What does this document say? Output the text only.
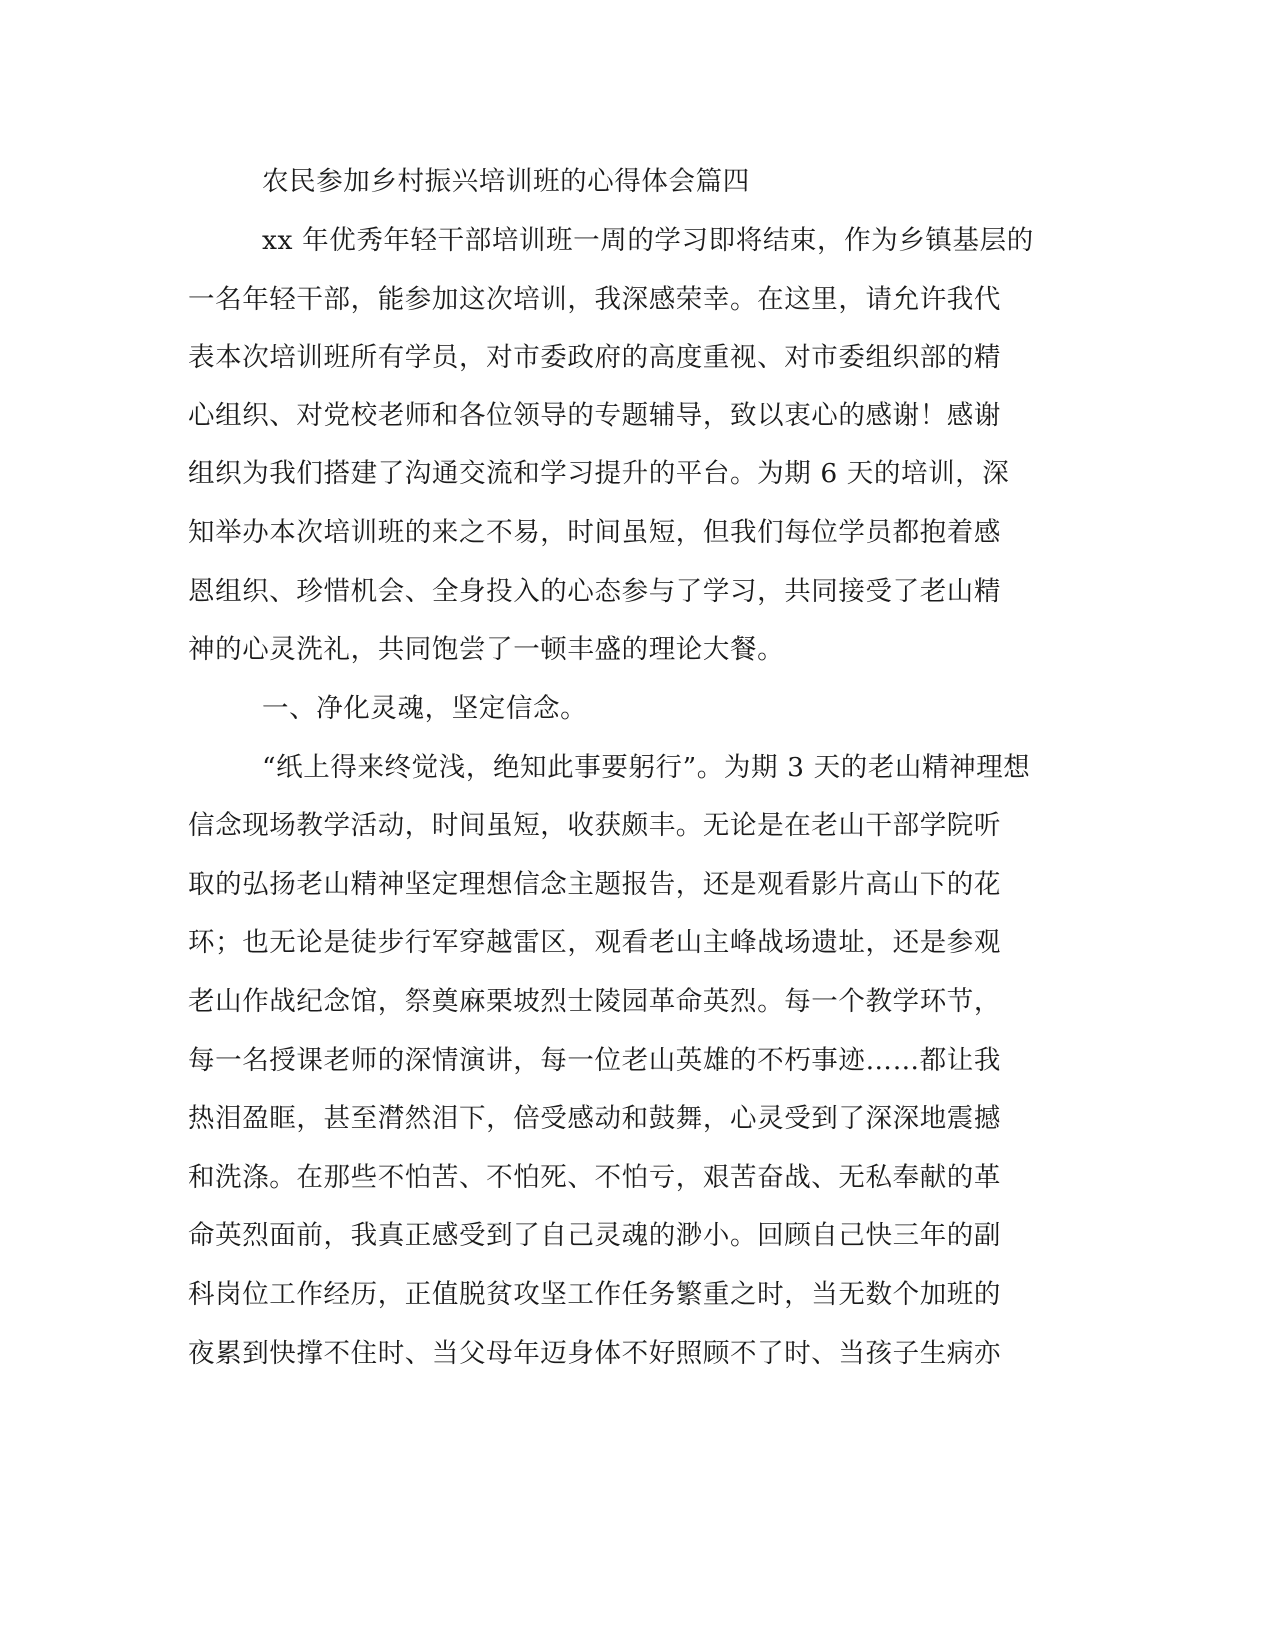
农民参加乡村振兴培训班的心得体会篇四
xx 年优秀年轻干部培训班一周的学习即将结束，作为乡镇基层的
一名年轻干部，能参加这次培训，我深感荣幸。在这里，请允许我代
表本次培训班所有学员，对市委政府的高度重视、对市委组织部的精
心组织、对党校老师和各位领导的专题辅导，致以衷心的感谢！感谢
组织为我们搭建了沟通交流和学习提升的平台。为期 6 天的培训，深
知举办本次培训班的来之不易，时间虽短，但我们每位学员都抱着感
恩组织、珍惜机会、全身投入的心态参与了学习，共同接受了老山精
神的心灵洗礼，共同饱尝了一顿丰盛的理论大餐。
一、净化灵魂，坚定信念。
“纸上得来终觉浅，绝知此事要躬行”。为期 3 天的老山精神理想
信念现场教学活动，时间虽短，收获颇丰。无论是在老山干部学院听
取的弘扬老山精神坚定理想信念主题报告，还是观看影片高山下的花
环；也无论是徒步行军穿越雷区，观看老山主峰战场遗址，还是参观
老山作战纪念馆，祭奠麻栗坡烈士陵园革命英烈。每一个教学环节，
每一名授课老师的深情演讲，每一位老山英雄的不朽事迹……都让我
热泪盈眶，甚至潸然泪下，倍受感动和鼓舞，心灵受到了深深地震撼
和洗涤。在那些不怕苦、不怕死、不怕亏，艰苦奋战、无私奉献的革
命英烈面前，我真正感受到了自己灵魂的渺小。回顾自己快三年的副
科岗位工作经历，正值脱贫攻坚工作任务繁重之时，当无数个加班的
夜累到快撑不住时、当父母年迈身体不好照顾不了时、当孩子生病亦
